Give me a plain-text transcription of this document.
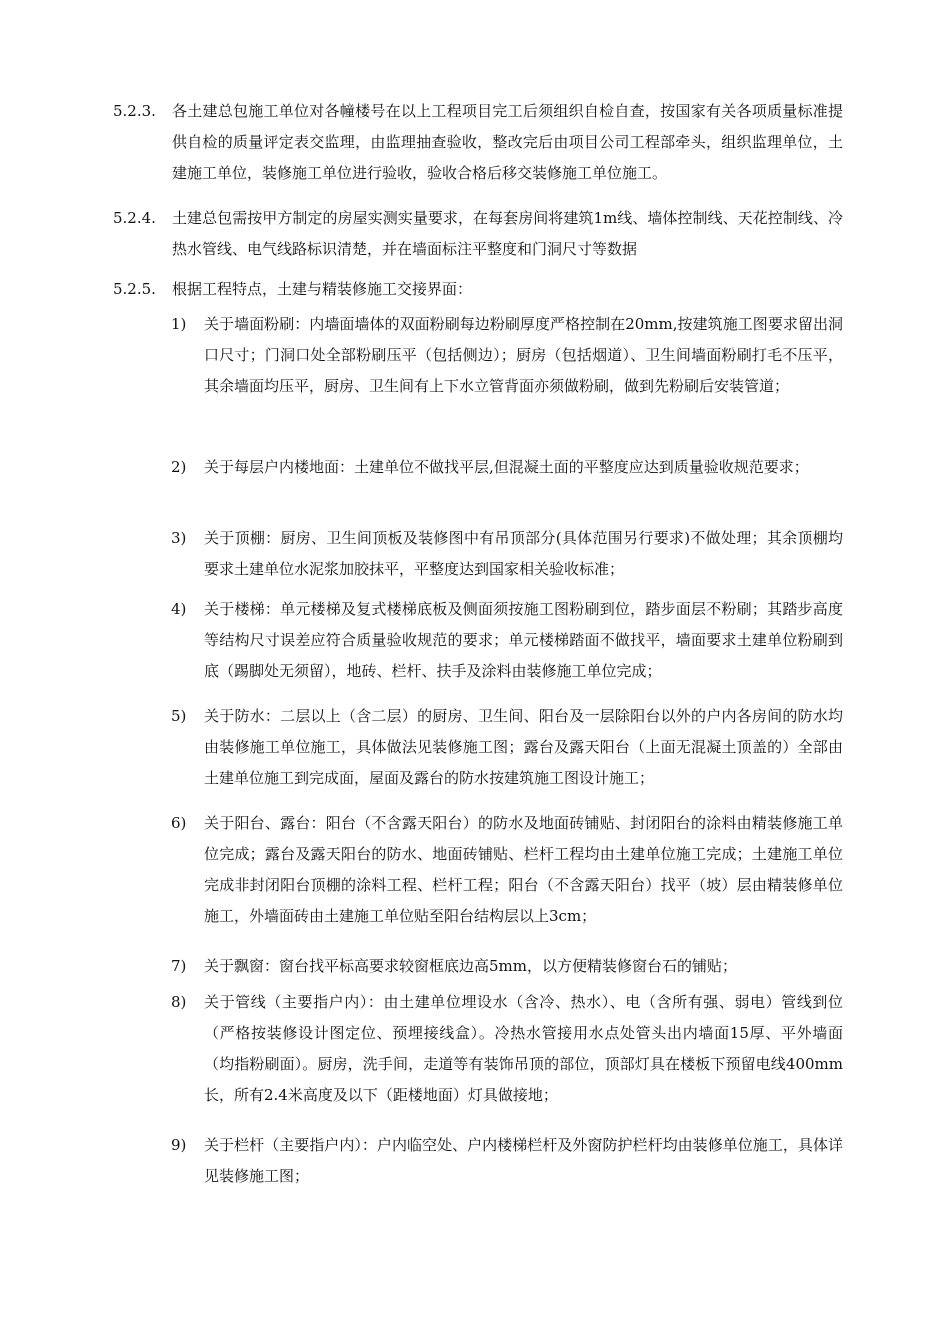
5.2.3.	各土建总包施工单位对各幢楼号在以上工程项目完工后须组织自检自查，按国家有关各项质量标准提供自检的质量评定表交监理，由监理抽查验收，整改完后由项目公司工程部牵头，组织监理单位，土建施工单位，装修施工单位进行验收，验收合格后移交装修施工单位施工。
5.2.4.	土建总包需按甲方制定的房屋实测实量要求，在每套房间将建筑1m线、墙体控制线、天花控制线、冷热水管线、电气线路标识清楚，并在墙面标注平整度和门洞尺寸等数据
5.2.5.	根据工程特点，土建与精装修施工交接界面：
1)	关于墙面粉刷：内墙面墙体的双面粉刷每边粉刷厚度严格控制在20mm,按建筑施工图要求留出洞口尺寸；门洞口处全部粉刷压平（包括侧边）；厨房（包括烟道）、卫生间墙面粉刷打毛不压平，其余墙面均压平，厨房、卫生间有上下水立管背面亦须做粉刷，做到先粉刷后安装管道；
2)	关于每层户内楼地面：土建单位不做找平层,但混凝土面的平整度应达到质量验收规范要求；
3)	关于顶棚：厨房、卫生间顶板及装修图中有吊顶部分(具体范围另行要求)不做处理；其余顶棚均要求土建单位水泥浆加胶抹平，平整度达到国家相关验收标准；
4)	关于楼梯：单元楼梯及复式楼梯底板及侧面须按施工图粉刷到位，踏步面层不粉刷；其踏步高度等结构尺寸误差应符合质量验收规范的要求；单元楼梯踏面不做找平，墙面要求土建单位粉刷到底（踢脚处无须留），地砖、栏杆、扶手及涂料由装修施工单位完成；
5)	关于防水：二层以上（含二层）的厨房、卫生间、阳台及一层除阳台以外的户内各房间的防水均由装修施工单位施工，具体做法见装修施工图；露台及露天阳台（上面无混凝土顶盖的）全部由土建单位施工到完成面，屋面及露台的防水按建筑施工图设计施工；
6)	关于阳台、露台：阳台（不含露天阳台）的防水及地面砖铺贴、封闭阳台的涂料由精装修施工单位完成；露台及露天阳台的防水、地面砖铺贴、栏杆工程均由土建单位施工完成；土建施工单位完成非封闭阳台顶棚的涂料工程、栏杆工程；阳台（不含露天阳台）找平（坡）层由精装修单位施工，外墙面砖由土建施工单位贴至阳台结构层以上3cm；
7)	关于飘窗：窗台找平标高要求较窗框底边高5mm，以方便精装修窗台石的铺贴；
8)	关于管线（主要指户内）：由土建单位埋设水（含冷、热水）、电（含所有强、弱电）管线到位（严格按装修设计图定位、预埋接线盒）。冷热水管接用水点处管头出内墙面15厚、平外墙面（均指粉刷面）。厨房，洗手间，走道等有装饰吊顶的部位，顶部灯具在楼板下预留电线400mm长，所有2.4米高度及以下（距楼地面）灯具做接地；
9)	关于栏杆（主要指户内）：户内临空处、户内楼梯栏杆及外窗防护栏杆均由装修单位施工，具体详见装修施工图；
